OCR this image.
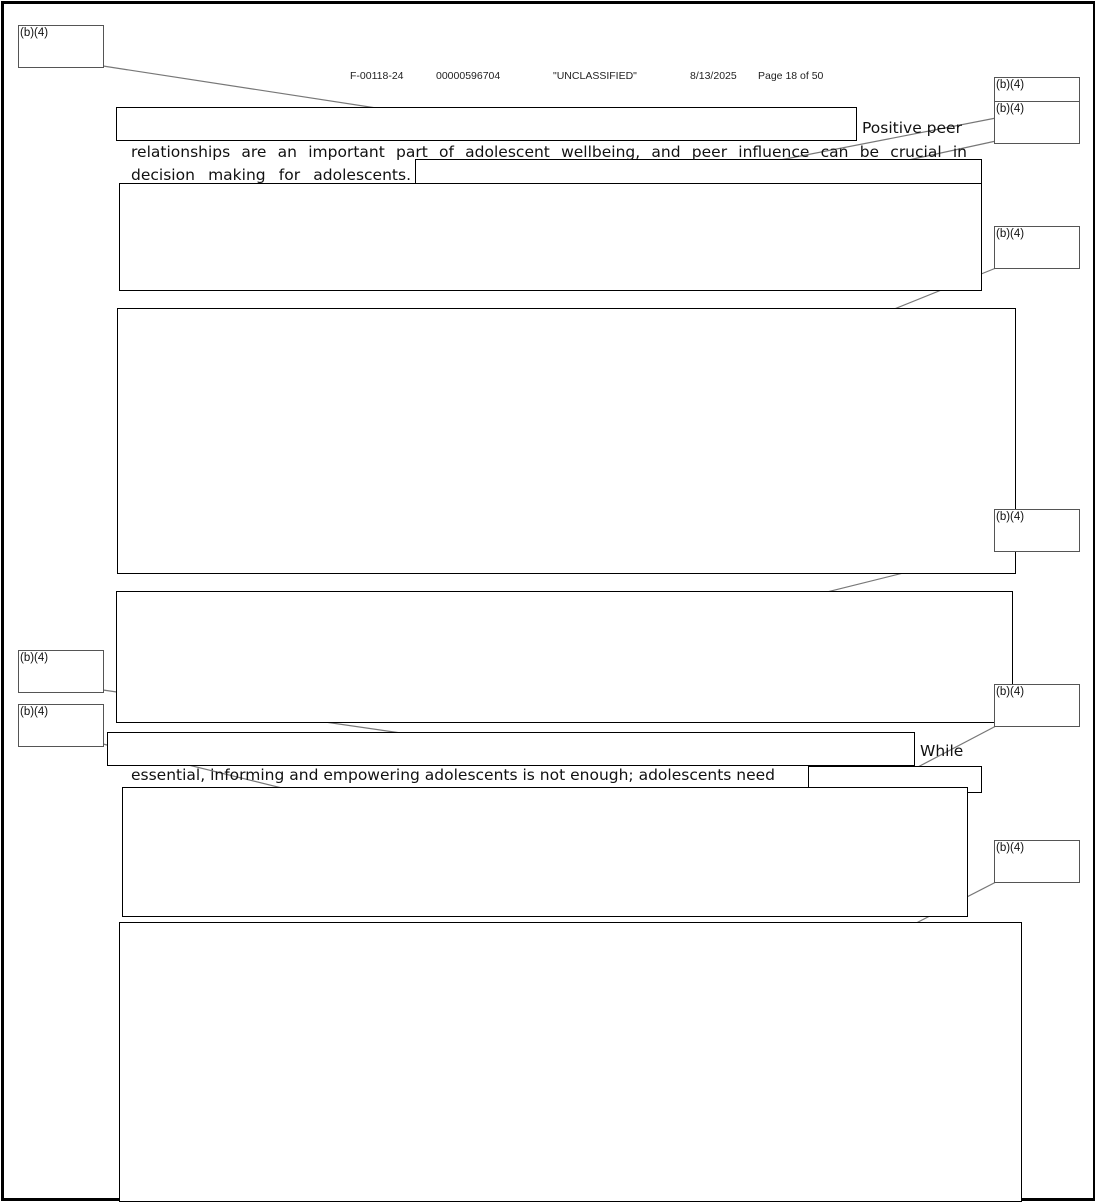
F-00118-24	00000596704	"UNCLASSIFIED"	8/13/2025 Page 18 of 50
Positive peer
relationships are an important part of adolescent wellbeing, and peer influence can be crucial in
decision making for adolescents.
While
essential, informing and empowering adolescents is not enough; adolescents need
(b)(4)
(b)(4)
(b)(4)
(b)(4)
(b)(4)
(b)(4)
(b)(4)
(b)(4)
(b)(4)
